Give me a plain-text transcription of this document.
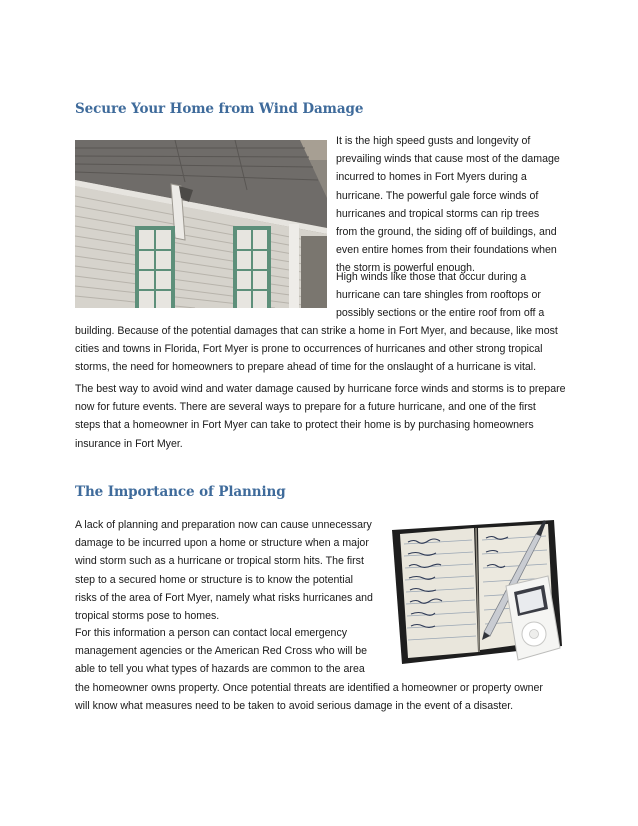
Secure Your Home from Wind Damage

It is the high speed gusts and longevity of

prevailing winds that cause most of the damage

incurred to homes in Fort Myers during a

hurricane. The powerful gale force winds of

hurricanes and tropical storms can rip trees

from the ground, the siding off of buildings, and

even entire homes from their foundations when

the storm is powerful enough.

High winds like those that occur during a

hurricane can tare shingles from rooftops or

possibly sections or the entire roof from off a

building. Because of the potential damages that can strike a home in Fort Myer, and because, like most

cities and towns in Florida, Fort Myer is prone to occurrences of hurricanes and other strong tropical

storms, the need for homeowners to prepare ahead of time for the onslaught of a hurricane is vital.

The best way to avoid wind and water damage caused by hurricane force winds and storms is to prepare

now for future events. There are several ways to prepare for a future hurricane, and one of the first

steps that a homeowner in Fort Myer can take to protect their home is by purchasing homeowners

insurance in Fort Myer.

The Importance of Planning

A lack of planning and preparation now can cause unnecessary

damage to be incurred upon a home or structure when a major

wind storm such as a hurricane or tropical storm hits. The first

step to a secured home or structure is to know the potential

risks of the area of Fort Myer, namely what risks hurricanes and

tropical storms pose to homes.

For this information a person can contact local emergency

management agencies or the American Red Cross who will be

able to tell you what types of hazards are common to the area

the homeowner owns property. Once potential threats are identified a homeowner or property owner

will know what measures need to be taken to avoid serious damage in the event of a disaster.
